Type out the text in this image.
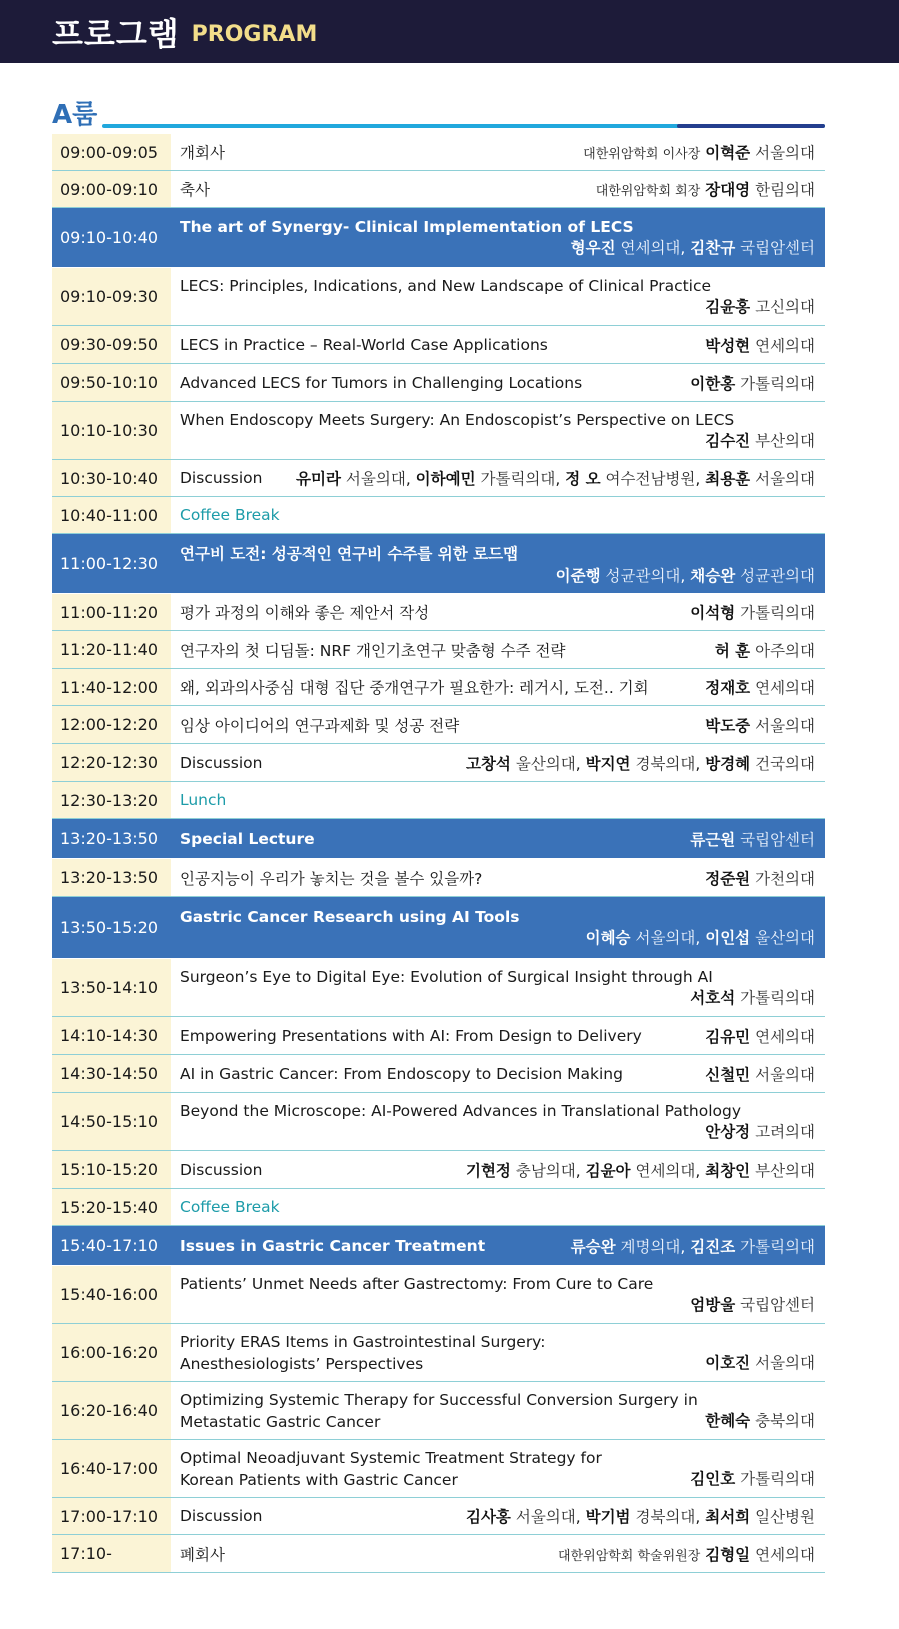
프로그램 PROGRAM
A룸
09:00-09:05	개회사	대한위암학회 이사장 이혁준 서울의대
09:00-09:10	축사	대한위암학회 회장 장대영 한림의대
09:10-10:40
The art of Synergy- Clinical Implementation of LECS
형우진 연세의대, 김찬규 국립암센터
09:10-09:30
LECS: Principles, Indications, and New Landscape of Clinical Practice
김윤홍 고신의대
09:30-09:50	LECS in Practice – Real-World Case Applications	박성현 연세의대
09:50-10:10	Advanced LECS for Tumors in Challenging Locations	이한홍 가톨릭의대
10:10-10:30
When Endoscopy Meets Surgery: An Endoscopist’s Perspective on LECS
김수진 부산의대
10:30-10:40	Discussion 유미라 서울의대, 이하예민 가톨릭의대, 정 오 여수전남병원, 최용훈 서울의대
10:40-11:00	Coffee Break
11:00-12:30
연구비 도전: 성공적인 연구비 수주를 위한 로드맵
이준행 성균관의대, 채승완 성균관의대
11:00-11:20	평가 과정의 이해와 좋은 제안서 작성	이석형 가톨릭의대
11:20-11:40	연구자의 첫 디딤돌: NRF 개인기초연구 맞춤형 수주 전략	허 훈 아주의대
11:40-12:00	왜, 외과의사중심 대형 집단 중개연구가 필요한가: 레거시, 도전.. 기회	정재호 연세의대
12:00-12:20	임상 아이디어의 연구과제화 및 성공 전략	박도중 서울의대
12:20-12:30	Discussion	고창석 울산의대, 박지연 경북의대, 방경혜 건국의대
12:30-13:20	Lunch
13:20-13:50	Special Lecture	류근원 국립암센터
13:20-13:50	인공지능이 우리가 놓치는 것을 볼수 있을까?	정준원 가천의대
13:50-15:20
Gastric Cancer Research using AI Tools
이혜승 서울의대, 이인섭 울산의대
13:50-14:10
Surgeon’s Eye to Digital Eye: Evolution of Surgical Insight through AI
서호석 가톨릭의대
14:10-14:30	Empowering Presentations with AI: From Design to Delivery	김유민 연세의대
14:30-14:50	AI in Gastric Cancer: From Endoscopy to Decision Making	신철민 서울의대
14:50-15:10
Beyond the Microscope: AI-Powered Advances in Translational Pathology
안상정 고려의대
15:10-15:20	Discussion	기현정 충남의대, 김윤아 연세의대, 최창인 부산의대
15:20-15:40	Coffee Break
15:40-17:10	Issues in Gastric Cancer Treatment	류승완 계명의대, 김진조 가톨릭의대
15:40-16:00
Patients’ Unmet Needs after Gastrectomy: From Cure to Care
엄방울 국립암센터
16:00-16:20
Priority ERAS Items in Gastrointestinal Surgery:
Anesthesiologists’ Perspectives	이호진 서울의대
16:20-16:40
Optimizing Systemic Therapy for Successful Conversion Surgery in
Metastatic Gastric Cancer	한혜숙 충북의대
16:40-17:00
Optimal Neoadjuvant Systemic Treatment Strategy for
Korean Patients with Gastric Cancer	김인호 가톨릭의대
17:00-17:10	Discussion	김사홍 서울의대, 박기범 경북의대, 최서희 일산병원
17:10-	폐회사	대한위암학회 학술위원장 김형일 연세의대
